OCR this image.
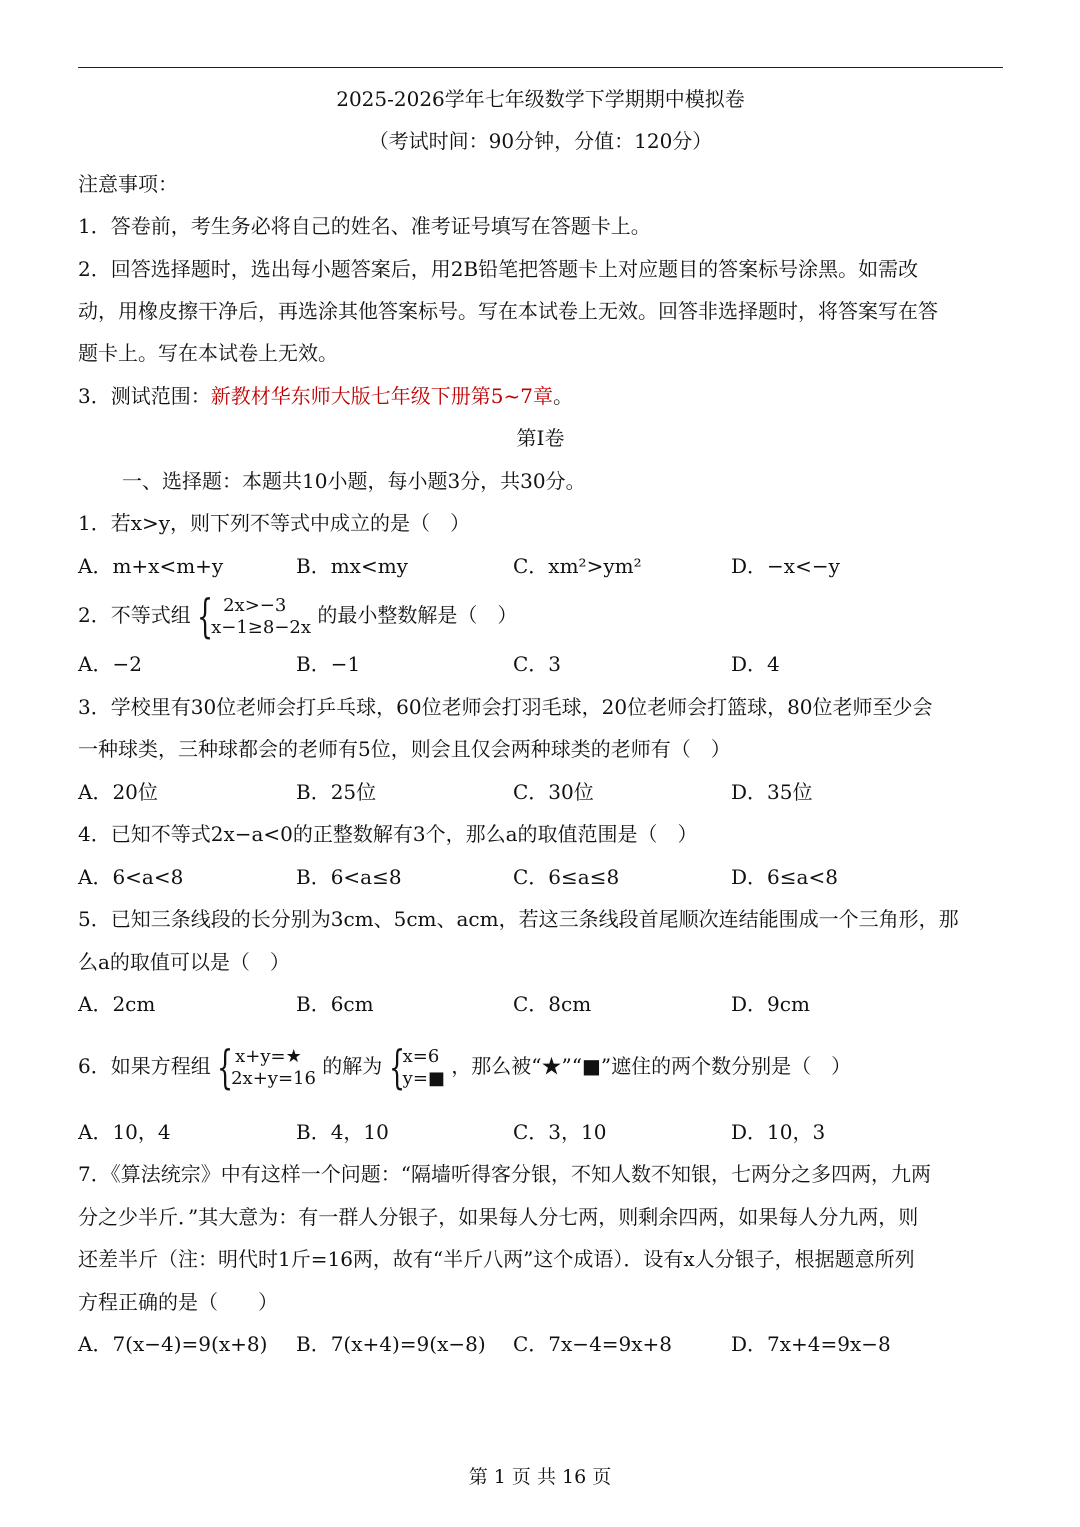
2025-2026学年七年级数学下学期期中模拟卷
（考试时间：90分钟，分值：120分）
注意事项：
1．答卷前，考生务必将自己的姓名、准考证号填写在答题卡上。
2．回答选择题时，选出每小题答案后，用2B铅笔把答题卡上对应题目的答案标号涂黑。如需改
动，用橡皮擦干净后，再选涂其他答案标号。写在本试卷上无效。回答非选择题时，将答案写在答
题卡上。写在本试卷上无效。
3．测试范围：新教材华东师大版七年级下册第5~7章。
第Ⅰ卷
一、选择题：本题共10小题，每小题3分，共30分。
1．若x>y，则下列不等式中成立的是（　）
A．m+x<m+y	B．mx<my	C．xm²>ym²	D．−x<−y
2．不等式组 { 2x>−3
x−1≥8−2x 的最小整数解是（　）
A．−2	B．−1	C．3	D．4
3．学校里有30位老师会打乒乓球，60位老师会打羽毛球，20位老师会打篮球，80位老师至少会
一种球类，三种球都会的老师有5位，则会且仅会两种球类的老师有（　）
A．20位	B．25位	C．30位	D．35位
4．已知不等式2x−a<0的正整数解有3个，那么a的取值范围是（　）
A．6<a<8	B．6<a≤8	C．6≤a≤8	D．6≤a<8
5．已知三条线段的长分别为3cm、5cm、acm，若这三条线段首尾顺次连结能围成一个三角形，那
么a的取值可以是（　）
A．2cm	B．6cm	C．8cm	D．9cm
6．如果方程组 { x+y=★
2x+y=16 的解为 {
x=6
y=■ ，那么被“★”“■”遮住的两个数分别是（　）
A．10，4	B．4，10	C．3，10	D．10，3
7．《算法统宗》中有这样一个问题：“隔墙听得客分银，不知人数不知银，七两分之多四两，九两
分之少半斤．”其大意为：有一群人分银子，如果每人分七两，则剩余四两，如果每人分九两，则
还差半斤（注：明代时1斤=16两，故有“半斤八两”这个成语）．设有x人分银子，根据题意所列
方程正确的是（　　）
A．7(x−4)=9(x+8) B．7(x+4)=9(x−8) C．7x−4=9x+8	D．7x+4=9x−8
第 1 页 共 16 页
